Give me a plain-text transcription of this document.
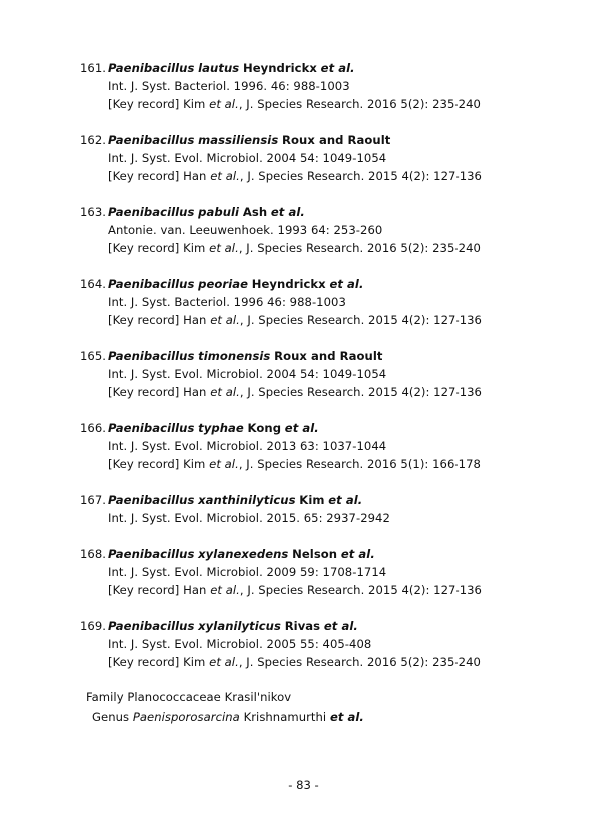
161. Paenibacillus lautus Heyndrickx et al.
Int. J. Syst. Bacteriol. 1996. 46: 988-1003
[Key record] Kim et al., J. Species Research. 2016 5(2): 235-240
162. Paenibacillus massiliensis Roux and Raoult
Int. J. Syst. Evol. Microbiol. 2004 54: 1049-1054
[Key record] Han et al., J. Species Research. 2015 4(2): 127-136
163. Paenibacillus pabuli Ash et al.
Antonie. van. Leeuwenhoek. 1993 64: 253-260
[Key record] Kim et al., J. Species Research. 2016 5(2): 235-240
164. Paenibacillus peoriae Heyndrickx et al.
Int. J. Syst. Bacteriol. 1996 46: 988-1003
[Key record] Han et al., J. Species Research. 2015 4(2): 127-136
165. Paenibacillus timonensis Roux and Raoult
Int. J. Syst. Evol. Microbiol. 2004 54: 1049-1054
[Key record] Han et al., J. Species Research. 2015 4(2): 127-136
166. Paenibacillus typhae Kong et al.
Int. J. Syst. Evol. Microbiol. 2013 63: 1037-1044
[Key record] Kim et al., J. Species Research. 2016 5(1): 166-178
167. Paenibacillus xanthinilyticus Kim et al.
Int. J. Syst. Evol. Microbiol. 2015. 65: 2937-2942
168. Paenibacillus xylanexedens Nelson et al.
Int. J. Syst. Evol. Microbiol. 2009 59: 1708-1714
[Key record] Han et al., J. Species Research. 2015 4(2): 127-136
169. Paenibacillus xylanilyticus Rivas et al.
Int. J. Syst. Evol. Microbiol. 2005 55: 405-408
[Key record] Kim et al., J. Species Research. 2016 5(2): 235-240
Family Planococcaceae Krasil'nikov
Genus Paenisporosarcina Krishnamurthi et al.
- 83 -
